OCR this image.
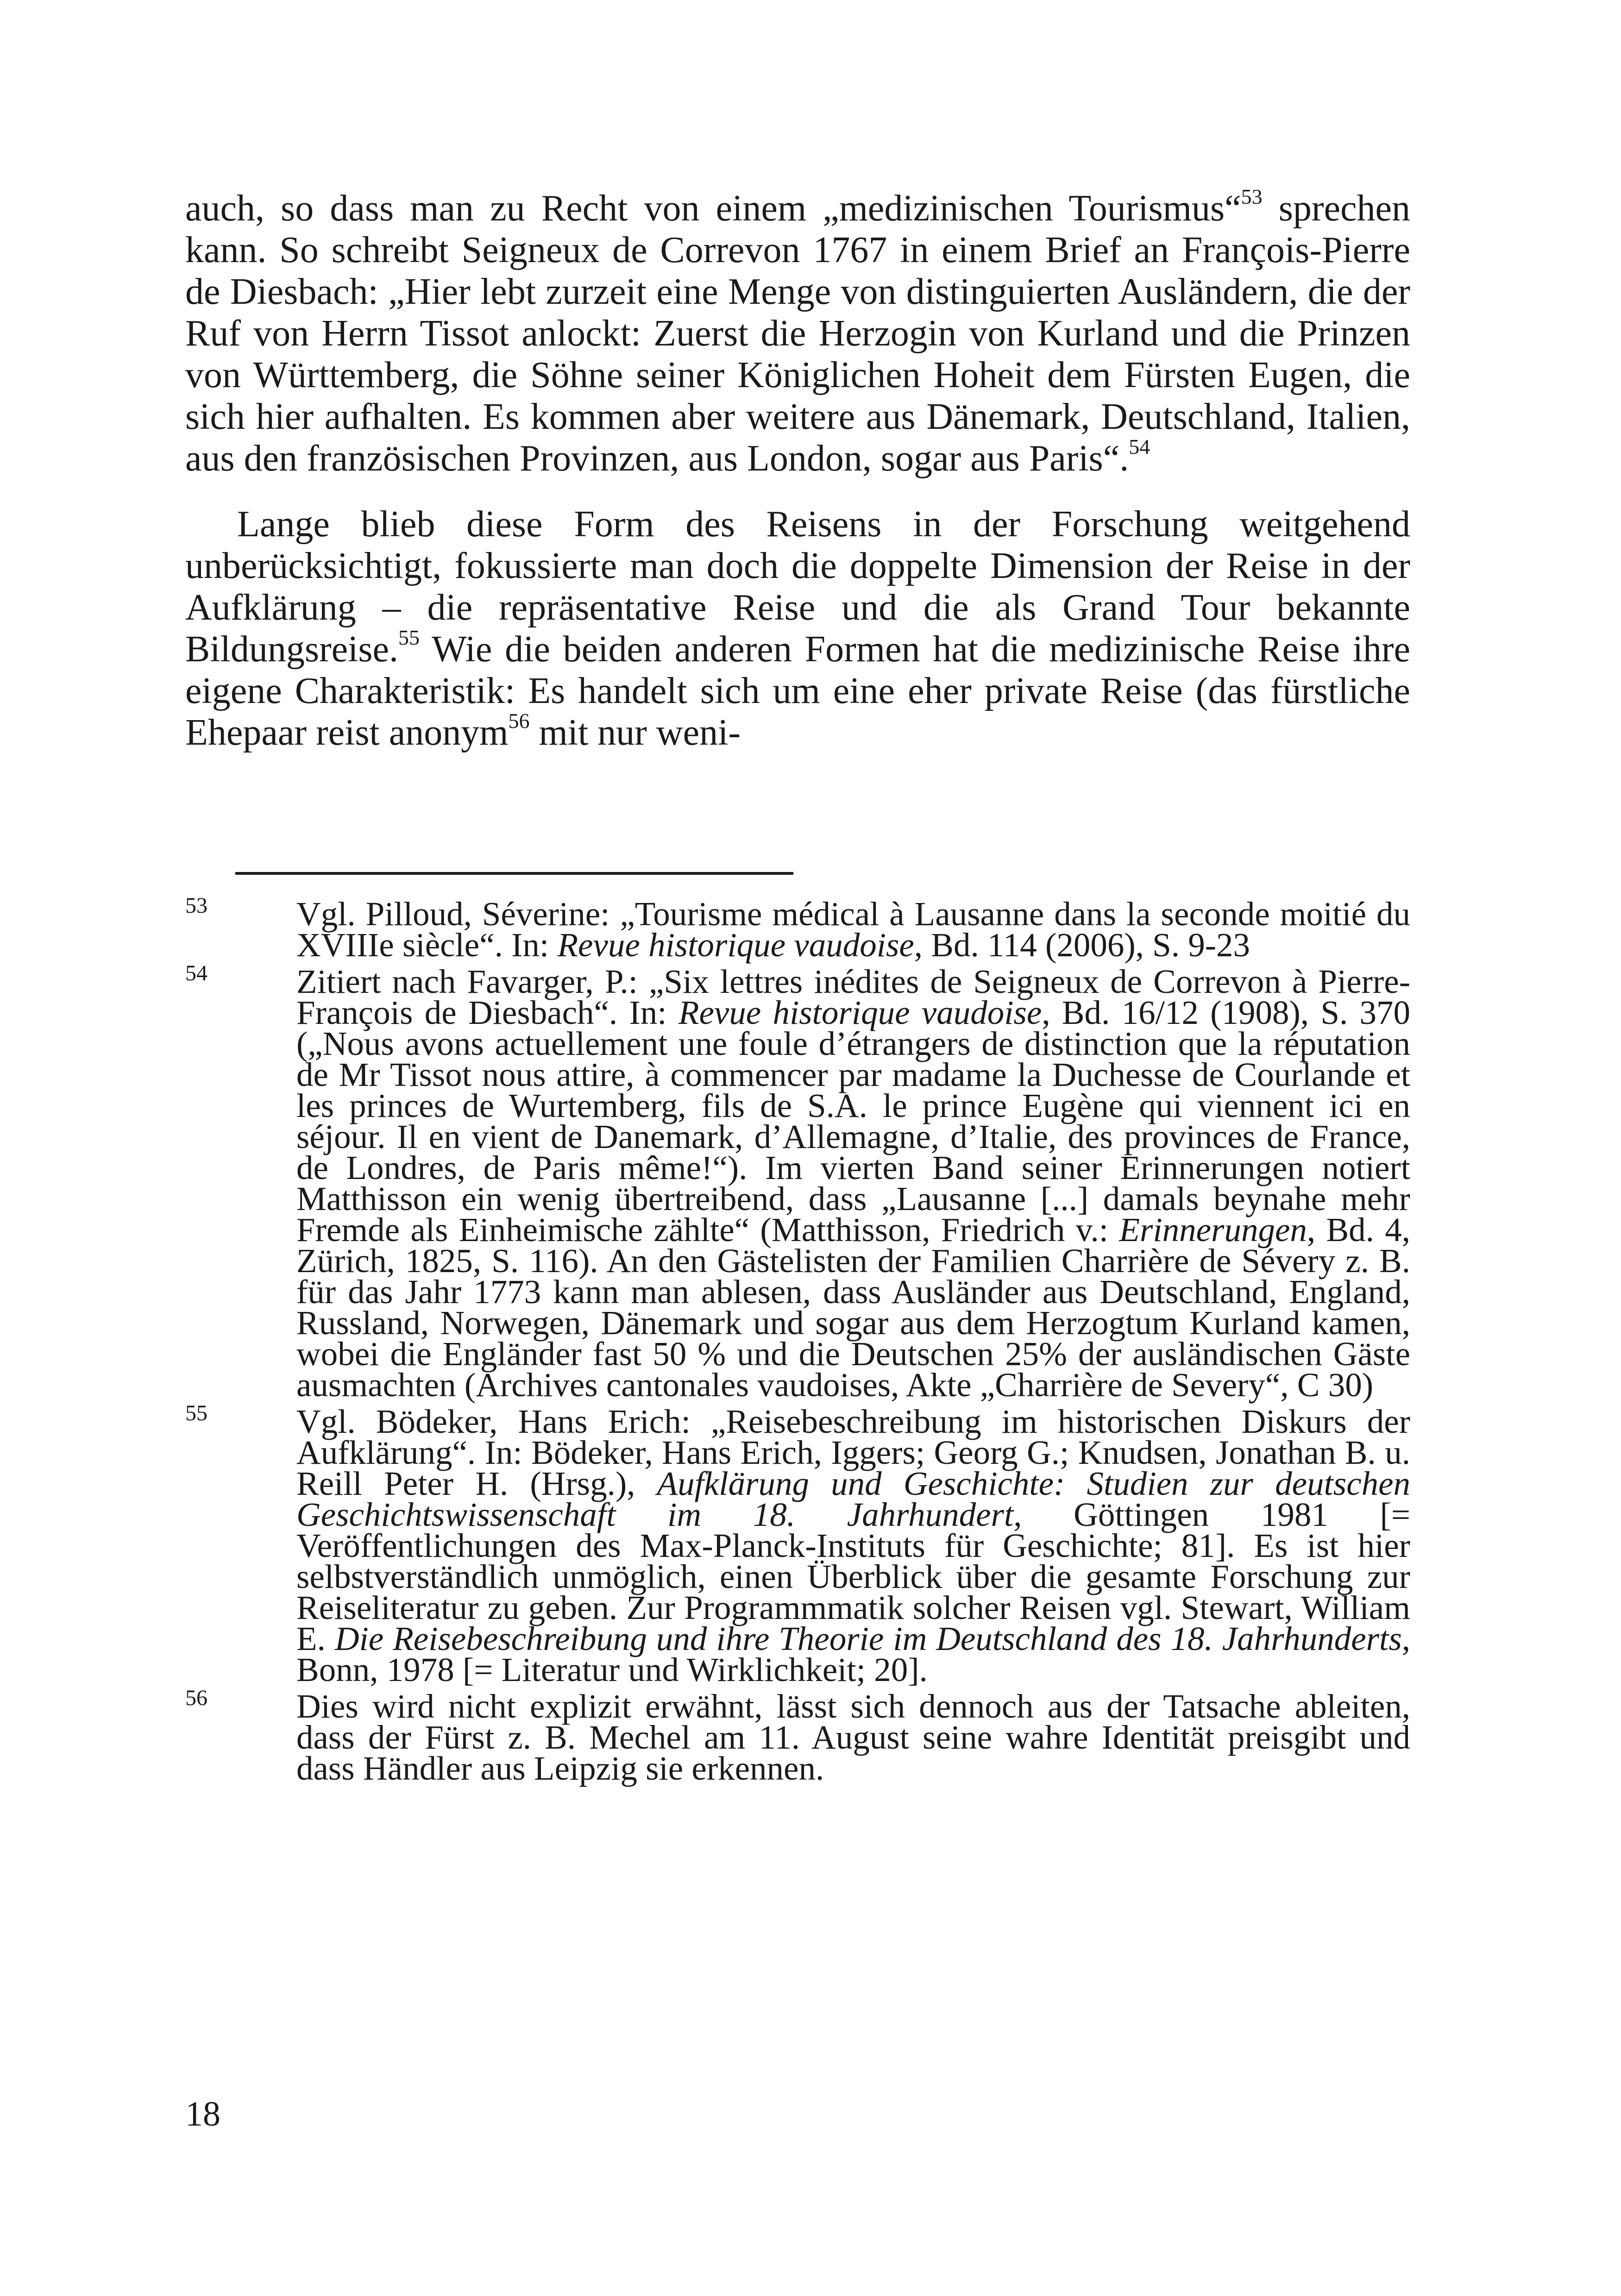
auch, so dass man zu Recht von einem „medizinischen Tourismus“$^{53}$ sprechen kann. So schreibt Seigneux de Correvon 1767 in einem Brief an François-Pierre de Diesbach: „Hier lebt zurzeit eine Menge von distinguierten Ausländern, die der Ruf von Herrn Tissot anlockt: Zuerst die Herzogin von Kurland und die Prinzen von Württemberg, die Söhne seiner Königlichen Hoheit dem Fürsten Eugen, die sich hier aufhalten. Es kommen aber weitere aus Dänemark, Deutschland, Italien, aus den französischen Provinzen, aus London, sogar aus Paris“.$^{54}$

Lange blieb diese Form des Reisens in der Forschung weitgehend unberücksichtigt, fokussierte man doch die doppelte Dimension der Reise in der Aufklärung – die repräsentative Reise und die als Grand Tour bekannte Bildungsreise.$^{55}$ Wie die beiden anderen Formen hat die medizinische Reise ihre eigene Charakteristik: Es handelt sich um eine eher private Reise (das fürstliche Ehepaar reist anonym$^{56}$ mit nur weni-

53	Vgl. Pilloud, Séverine: „Tourisme médical à Lausanne dans la seconde moitié du XVIIIe siècle“. In: Revue historique vaudoise, Bd. 114 (2006), S. 9-23
54	Zitiert nach Favarger, P.: „Six lettres inédites de Seigneux de Correvon à Pierre-François de Diesbach“. In: Revue historique vaudoise, Bd. 16/12 (1908), S. 370 („Nous avons actuellement une foule d’étrangers de distinction que la réputation de Mr Tissot nous attire, à commencer par madame la Duchesse de Courlande et les princes de Wurtemberg, fils de S.A. le prince Eugène qui viennent ici en séjour. Il en vient de Danemark, d’Allemagne, d’Italie, des provinces de France, de Londres, de Paris même!“). Im vierten Band seiner Erinnerungen notiert Matthisson ein wenig übertreibend, dass „Lausanne [...] damals beynahe mehr Fremde als Einheimische zählte“ (Matthisson, Friedrich v.: Erinnerungen, Bd. 4, Zürich, 1825, S. 116). An den Gästelisten der Familien Charrière de Sévery z. B. für das Jahr 1773 kann man ablesen, dass Ausländer aus Deutschland, England, Russland, Norwegen, Dänemark und sogar aus dem Herzogtum Kurland kamen, wobei die Engländer fast 50 % und die Deutschen 25% der ausländischen Gäste ausmachten (Archives cantonales vaudoises, Akte „Charrière de Severy“, C 30)
55	Vgl. Bödeker, Hans Erich: „Reisebeschreibung im historischen Diskurs der Aufklärung“. In: Bödeker, Hans Erich, Iggers; Georg G.; Knudsen, Jonathan B. u. Reill Peter H. (Hrsg.), Aufklärung und Geschichte: Studien zur deutschen Geschichtswissenschaft im 18. Jahrhundert, Göttingen 1981 [= Veröffentlichungen des Max-Planck-Instituts für Geschichte; 81]. Es ist hier selbstverständlich unmöglich, einen Überblick über die gesamte Forschung zur Reiseliteratur zu geben. Zur Programmmatik solcher Reisen vgl. Stewart, William E. Die Reisebeschreibung und ihre Theorie im Deutschland des 18. Jahrhunderts, Bonn, 1978 [= Literatur und Wirklichkeit; 20].
56	Dies wird nicht explizit erwähnt, lässt sich dennoch aus der Tatsache ableiten, dass der Fürst z. B. Mechel am 11. August seine wahre Identität preisgibt und dass Händler aus Leipzig sie erkennen.
18
